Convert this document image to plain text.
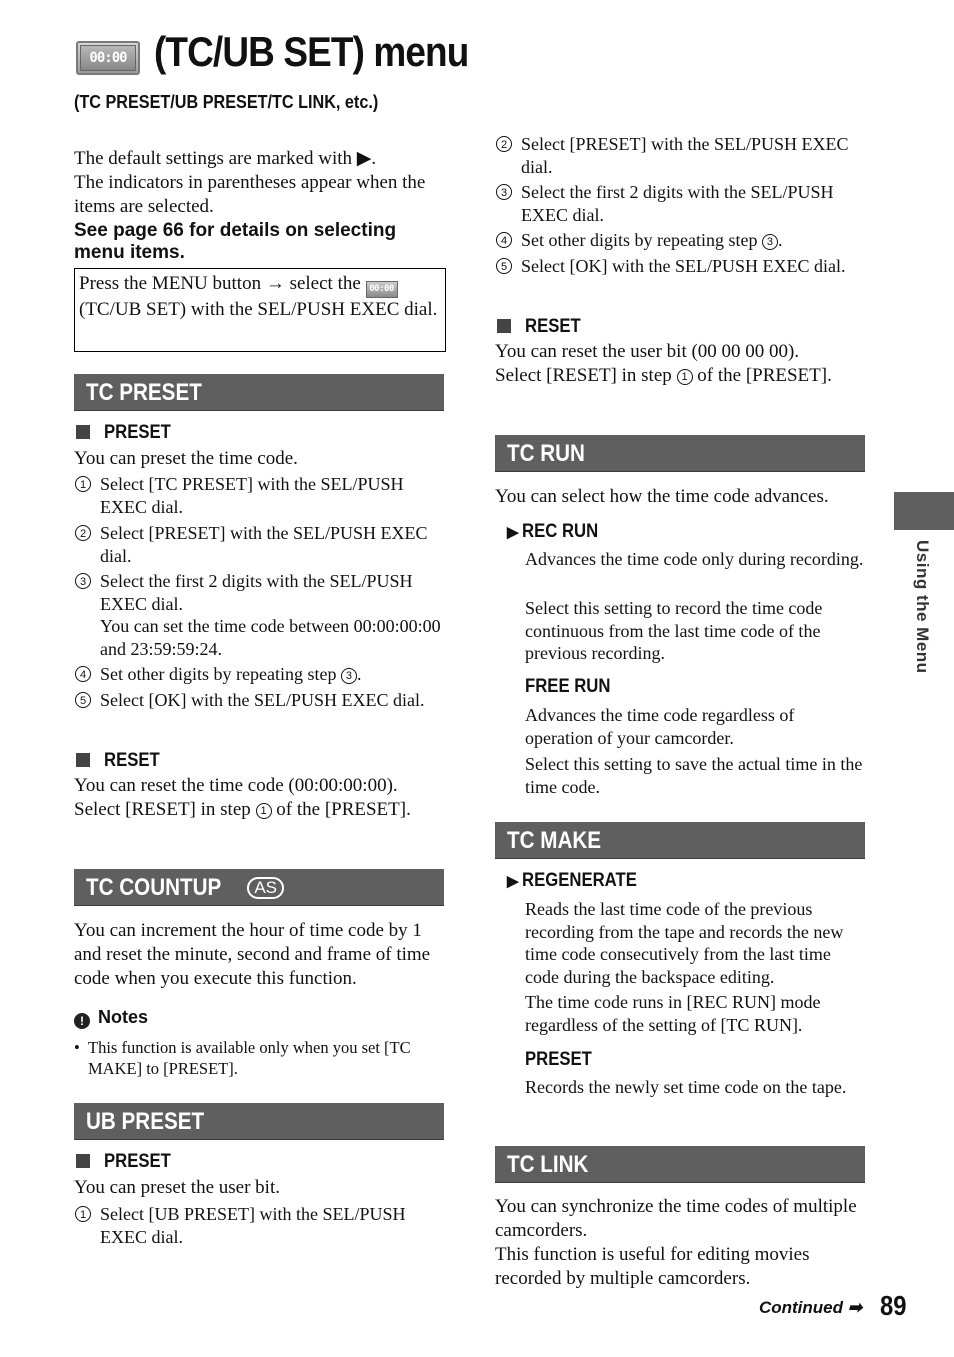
00:00 (TC/UB SET) menu
(TC PRESET/UB PRESET/TC LINK, etc.)
The default settings are marked with ▶.
The indicators in parentheses appear when the items are selected.
See page 66 for details on selecting menu items.
Press the MENU button → select the 00:00 (TC/UB SET) with the SEL/PUSH EXEC dial.
TC PRESET
PRESET
You can preset the time code.
1 Select [TC PRESET] with the SEL/PUSH EXEC dial.
2 Select [PRESET] with the SEL/PUSH EXEC dial.
3 Select the first 2 digits with the SEL/PUSH EXEC dial.
You can set the time code between 00:00:00:00 and 23:59:59:24.
4 Set other digits by repeating step 3 .
5 Select [OK] with the SEL/PUSH EXEC dial.
RESET
You can reset the time code (00:00:00:00).
Select [RESET] in step 1 of the [PRESET].
TC COUNTUP AS
You can increment the hour of time code by 1 and reset the minute, second and frame of time code when you execute this function.
! Notes
• This function is available only when you set [TC MAKE] to [PRESET].
UB PRESET
PRESET
You can preset the user bit.
1 Select [UB PRESET] with the SEL/PUSH EXEC dial.
2 Select [PRESET] with the SEL/PUSH EXEC dial.
3 Select the first 2 digits with the SEL/PUSH EXEC dial.
4 Set other digits by repeating step 3 .
5 Select [OK] with the SEL/PUSH EXEC dial.
RESET
You can reset the user bit (00 00 00 00).
Select [RESET] in step 1 of the [PRESET].
TC RUN
You can select how the time code advances.
▶ REC RUN
Advances the time code only during recording.
Select this setting to record the time code continuous from the last time code of the previous recording.
FREE RUN
Advances the time code regardless of operation of your camcorder.
Select this setting to save the actual time in the time code.
TC MAKE
▶ REGENERATE
Reads the last time code of the previous recording from the tape and records the new time code consecutively from the last time code during the backspace editing.
The time code runs in [REC RUN] mode regardless of the setting of [TC RUN].
PRESET
Records the newly set time code on the tape.
TC LINK
You can synchronize the time codes of multiple camcorders.
This function is useful for editing movies recorded by multiple camcorders.
Using the Menu
Continued ➡ 89
